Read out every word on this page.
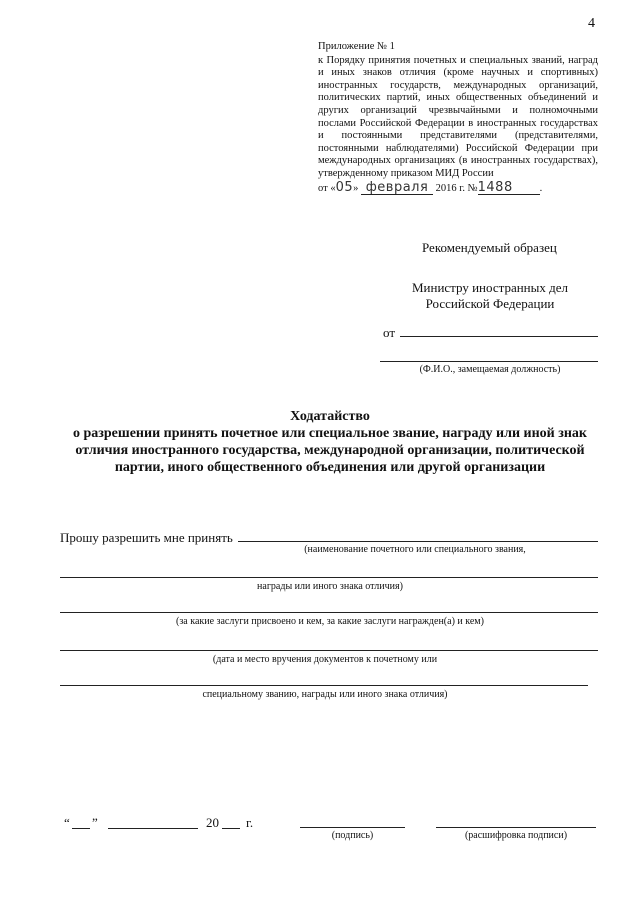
4

Приложение № 1

к Порядку принятия почетных и специальных званий, наград и иных знаков отличия (кроме научных и спортивных) иностранных государств, международных организаций, политических партий, иных общественных объединений и других организаций чрезвычайными и полномочными послами Российской Федерации в иностранных государствах и постоянными представителями (представителями, постоянными наблюдателями) Российской Федерации при международных организациях (в иностранных государствах), утвержденному приказом МИД России

от «05» февраля 2016 г. №1488	.
Рекомендуемый образец
Министру иностранных дел
Российской Федерации
от
(Ф.И.О., замещаемая должность)
Ходатайство
о разрешении принять почетное или специальное звание, награду или иной знак
отличия иностранного государства, международной организации, политической
партии, иного общественного объединения или другой организации
Прошу разрешить мне принять
(наименование почетного или специального звания,
награды или иного знака отличия)
(за какие заслуги присвоено и кем, за какие заслуги награжден(а) и кем)
(дата и место вручения документов к почетному или
специальному званию, награды или иного знака отличия)
“ ”	20 г.
(подпись)	(расшифровка подписи)
